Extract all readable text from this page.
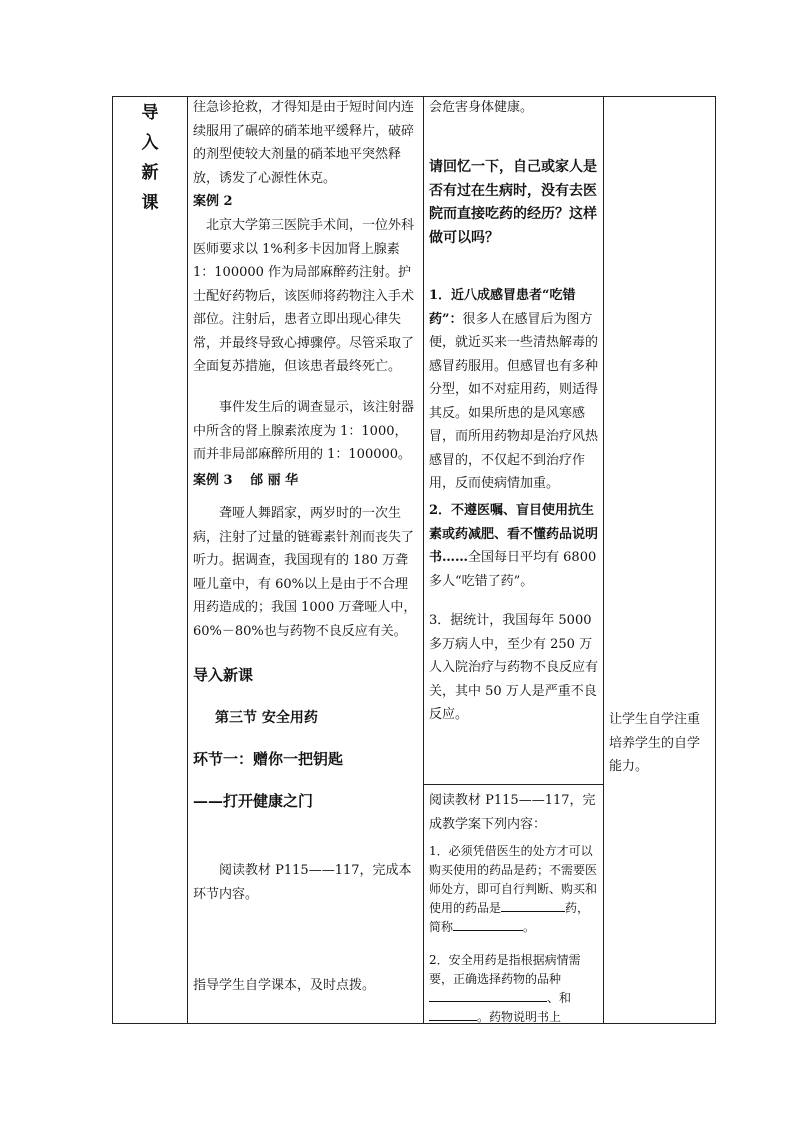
导
入
新
课

往急诊抢救，才得知是由于短时间内连续服用了碾碎的硝苯地平缓释片，破碎的剂型使较大剂量的硝苯地平突然释放，诱发了心源性休克。

案例 2

北京大学第三医院手术间，一位外科医师要求以 1%利多卡因加肾上腺素 1：100000 作为局部麻醉药注射。护士配好药物后，该医师将药物注入手术部位。注射后，患者立即出现心律失常，并最终导致心搏骤停。尽管采取了全面复苏措施，但该患者最终死亡。

事件发生后的调查显示，该注射器中所含的肾上腺素浓度为 1：1000，而并非局部麻醉所用的 1：100000。

案例 3　 邰 丽 华

聋哑人舞蹈家，两岁时的一次生病，注射了过量的链霉素针剂而丧失了听力。据调查，我国现有的 180 万聋哑儿童中，有 60%以上是由于不合理用药造成的；我国 1000 万聋哑人中，60%－80%也与药物不良反应有关。

导入新课

第三节 安全用药

环节一：赠你一把钥匙

——打开健康之门

阅读教材 P115——117，完成本环节内容。

指导学生自学课本，及时点拨。

会危害身体健康。

请回忆一下，自己或家人是否有过在生病时，没有去医院而直接吃药的经历？这样做可以吗？

1．近八成感冒患者“吃错药”：很多人在感冒后为图方便，就近买来一些清热解毒的感冒药服用。但感冒也有多种分型，如不对症用药，则适得其反。如果所患的是风寒感冒，而所用药物却是治疗风热感冒的，不仅起不到治疗作用，反而使病情加重。

2．不遵医嘱、盲目使用抗生素或药减肥、看不懂药品说明书……全国每日平均有 6800 多人“吃错了药”。

3．据统计，我国每年 5000 多万病人中，至少有 250 万人入院治疗与药物不良反应有关，其中 50 万人是严重不良反应。

阅读教材 P115——117，完成教学案下列内容：

1．必须凭借医生的处方才可以购买使用的药品是药；不需要医师处方，即可自行判断、购买和使用的药品是	药，简称	。

2．安全用药是指根据病情需要，正确选择药物的品种、和。药物说明书上

让学生自学注重培养学生的自学能力。
